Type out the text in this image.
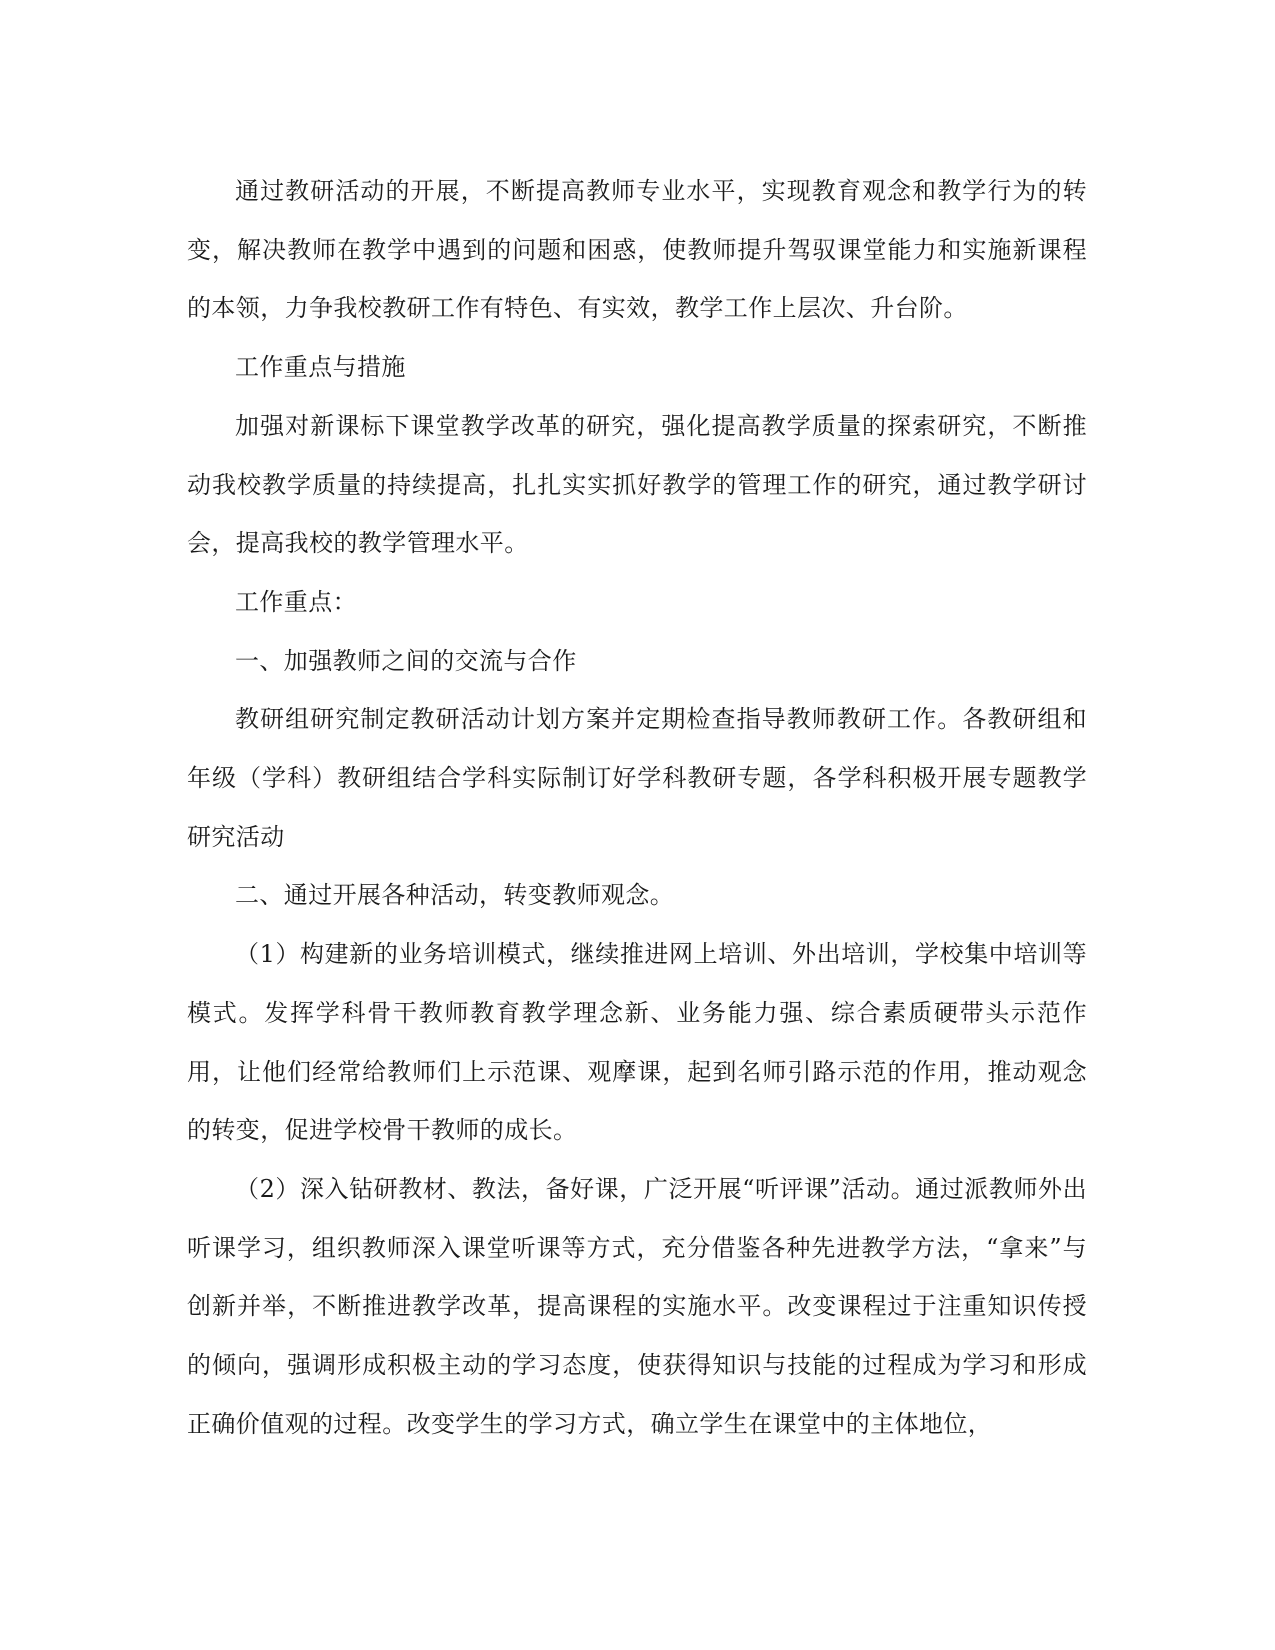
通过教研活动的开展，不断提高教师专业水平，实现教育观念和教学行为的转变，解决教师在教学中遇到的问题和困惑，使教师提升驾驭课堂能力和实施新课程的本领，力争我校教研工作有特色、有实效，教学工作上层次、升台阶。

工作重点与措施

加强对新课标下课堂教学改革的研究，强化提高教学质量的探索研究，不断推动我校教学质量的持续提高，扎扎实实抓好教学的管理工作的研究，通过教学研讨会，提高我校的教学管理水平。

工作重点：

一、加强教师之间的交流与合作

教研组研究制定教研活动计划方案并定期检查指导教师教研工作。各教研组和年级（学科）教研组结合学科实际制订好学科教研专题，各学科积极开展专题教学研究活动

二、通过开展各种活动，转变教师观念。

（1）构建新的业务培训模式，继续推进网上培训、外出培训，学校集中培训等模式。发挥学科骨干教师教育教学理念新、业务能力强、综合素质硬带头示范作用，让他们经常给教师们上示范课、观摩课，起到名师引路示范的作用，推动观念的转变，促进学校骨干教师的成长。

（2）深入钻研教材、教法，备好课，广泛开展“听评课”活动。通过派教师外出听课学习，组织教师深入课堂听课等方式，充分借鉴各种先进教学方法，“拿来”与创新并举，不断推进教学改革，提高课程的实施水平。改变课程过于注重知识传授的倾向，强调形成积极主动的学习态度，使获得知识与技能的过程成为学习和形成正确价值观的过程。改变学生的学习方式，确立学生在课堂中的主体地位，
